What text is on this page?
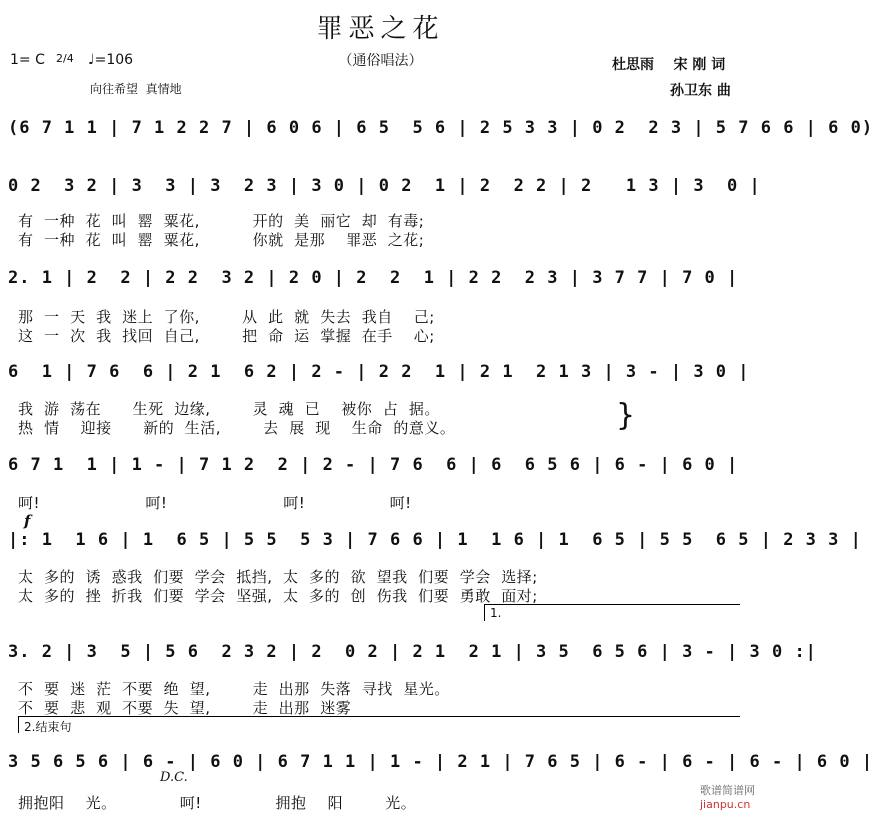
罪恶之花
（通俗唱法）
1= C 2/4 ♩=106
向往希望  真情地
杜思雨    宋 刚 词
孙卫东 曲
(6 7 1 1 | 7 1 2 2 7 | 6 0 6 | 6 5  5 6 | 2 5 3 3 | 0 2  2 3 | 5 7 6 6 | 6 0)
0 2  3 2 | 3  3 | 3  2 3 | 3 0 | 0 2  1 | 2  2 2 | 2   1 3 | 3  0 |
有  一种  花  叫  罂  粟花,          开的  美  丽它  却  有毒;
有  一种  花  叫  罂  粟花,          你就  是那    罪恶  之花;
2. 1 | 2  2 | 2 2  3 2 | 2 0 | 2  2  1 | 2 2  2 3 | 3 7 7 | 7 0 |
那  一  天  我  迷上  了你,        从  此  就  失去  我自    己;
这  一  次  我  找回  自己,        把  命  运  掌握  在手    心;
6  1 | 7 6  6 | 2 1  6 2 | 2 - | 2 2  1 | 2 1  2 1 3 | 3 - | 3 0 |
我  游  荡在      生死  边缘,        灵  魂  已    被你  占  据。
热  情    迎接      新的  生活,        去  展  现    生命  的意义。	}
6 7 1  1 | 1 - | 7 1 2  2 | 2 - | 7 6  6 | 6  6 5 6 | 6 - | 6 0 |
呵!                    呵!                      呵!                呵!
f
|: 1  1 6 | 1  6 5 | 5 5  5 3 | 7 6 6 | 1  1 6 | 1  6 5 | 5 5  6 5 | 2 3 3 |
太  多的  诱  惑我  们要  学会  抵挡,  太  多的  欲  望我  们要  学会  选择;
太  多的  挫  折我  们要  学会  坚强,  太  多的  创  伤我  们要  勇敢  面对;
1.
3. 2 | 3  5 | 5 6  2 3 2 | 2  0 2 | 2 1  2 1 | 3 5  6 5 6 | 3 - | 3 0 :|
不  要  迷  茫  不要  绝  望,        走  出那  失落  寻找  星光。
不  要  悲  观  不要  失  望,        走  出那  迷雾
2.结束句
3 5 6 5 6 | 6 - | 6 0 | 6 7 1 1 | 1 - | 2 1 | 7 6 5 | 6 - | 6 - | 6 - | 6 0 |
D.C.
拥抱阳    光。            呵!              拥抱    阳        光。

歌谱简谱网
jianpu.cn
